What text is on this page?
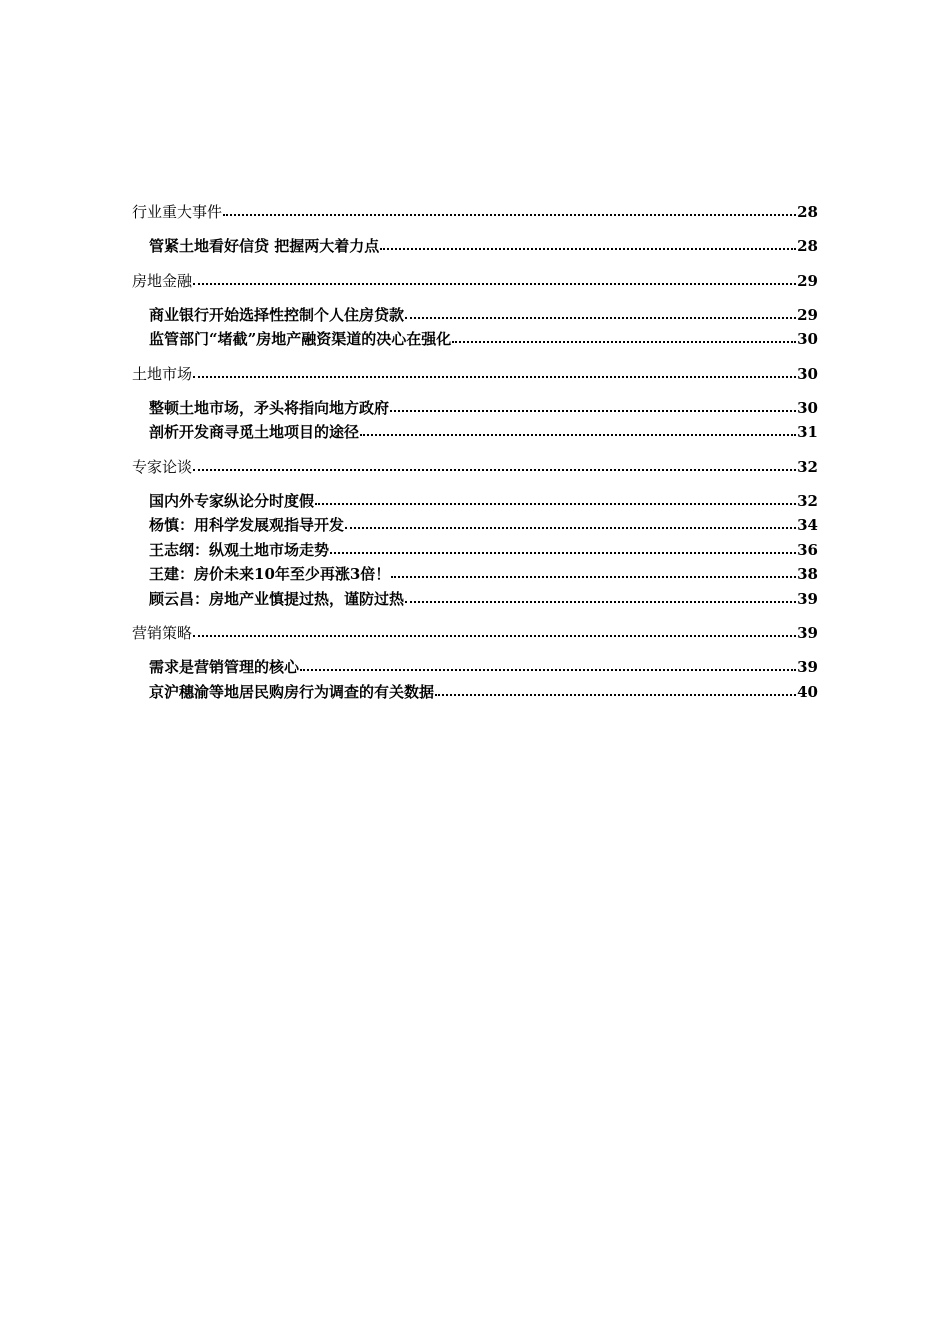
行业重大事件	28
管紧土地看好信贷 把握两大着力点	28
房地金融	29
商业银行开始选择性控制个人住房贷款	29
监管部门“堵截”房地产融资渠道的决心在强化	30
土地市场	30
整顿土地市场，矛头将指向地方政府	30
剖析开发商寻觅土地项目的途径	31
专家论谈	32
国内外专家纵论分时度假	32
杨慎：用科学发展观指导开发	34
王志纲：纵观土地市场走势	36
王建：房价未来10年至少再涨3倍！	38
顾云昌：房地产业慎提过热，谨防过热	39
营销策略	39
需求是营销管理的核心	39
京沪穗渝等地居民购房行为调查的有关数据	40
